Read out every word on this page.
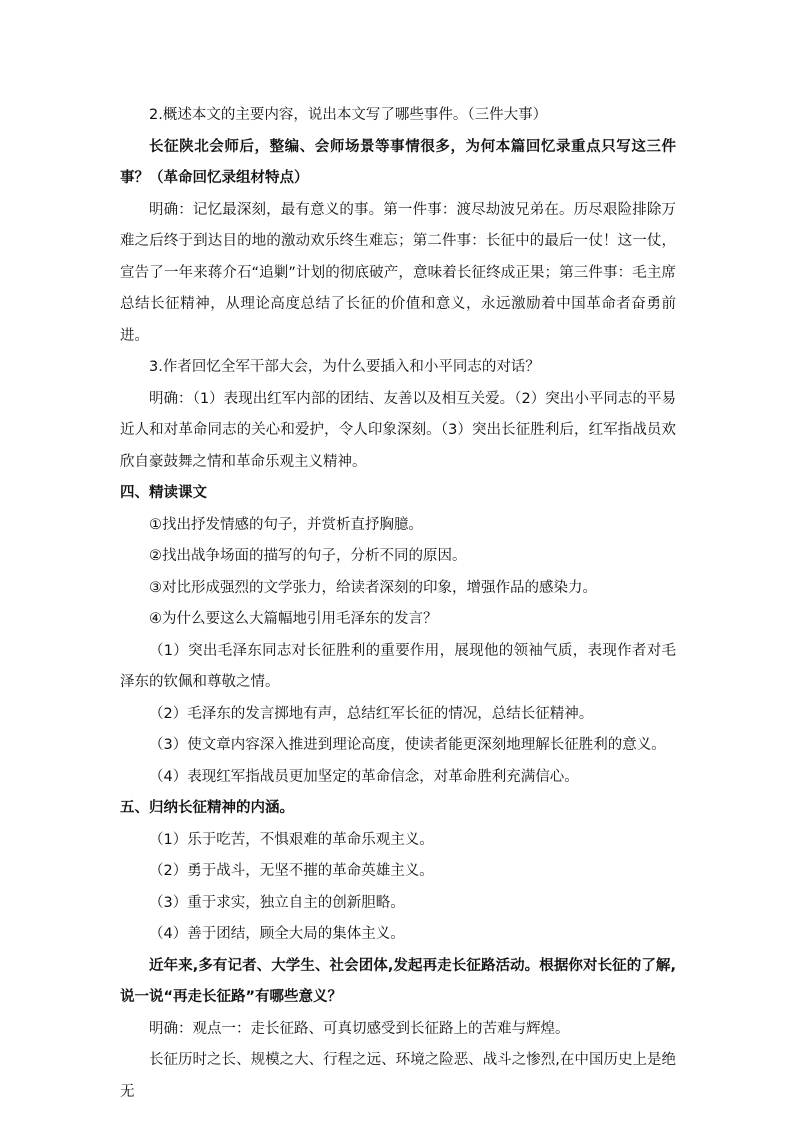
2.概述本文的主要内容，说出本文写了哪些事件。（三件大事）

长征陕北会师后，整编、会师场景等事情很多，为何本篇回忆录重点只写这三件事？（革命回忆录组材特点）

明确：记忆最深刻，最有意义的事。第一件事：渡尽劫波兄弟在。历尽艰险排除万难之后终于到达目的地的激动欢乐终生难忘；第二件事：长征中的最后一仗！这一仗，宣告了一年来蒋介石“追剿”计划的彻底破产，意味着长征终成正果；第三件事：毛主席总结长征精神，从理论高度总结了长征的价值和意义，永远激励着中国革命者奋勇前进。

3.作者回忆全军干部大会，为什么要插入和小平同志的对话？

明确：（1）表现出红军内部的团结、友善以及相互关爱。（2）突出小平同志的平易近人和对革命同志的关心和爱护，令人印象深刻。（3）突出长征胜利后，红军指战员欢欣自豪鼓舞之情和革命乐观主义精神。

四、精读课文

①找出抒发情感的句子，并赏析直抒胸臆。

②找出战争场面的描写的句子，分析不同的原因。

③对比形成强烈的文学张力，给读者深刻的印象，增强作品的感染力。

④为什么要这么大篇幅地引用毛泽东的发言？

（1）突出毛泽东同志对长征胜利的重要作用，展现他的领袖气质，表现作者对毛泽东的钦佩和尊敬之情。

（2）毛泽东的发言掷地有声，总结红军长征的情况，总结长征精神。

（3）使文章内容深入推进到理论高度，使读者能更深刻地理解长征胜利的意义。

（4）表现红军指战员更加坚定的革命信念，对革命胜利充满信心。

五、归纳长征精神的内涵。

（1）乐于吃苦，不惧艰难的革命乐观主义。

（2）勇于战斗，无坚不摧的革命英雄主义。

（3）重于求实，独立自主的创新胆略。

（4）善于团结，顾全大局的集体主义。

近年来,多有记者、大学生、社会团体,发起再走长征路活动。根据你对长征的了解,说一说“再走长征路”有哪些意义？

明确：观点一：走长征路、可真切感受到长征路上的苦难与辉煌。

长征历时之长、规模之大、行程之远、环境之险恶、战斗之惨烈,在中国历史上是绝无
